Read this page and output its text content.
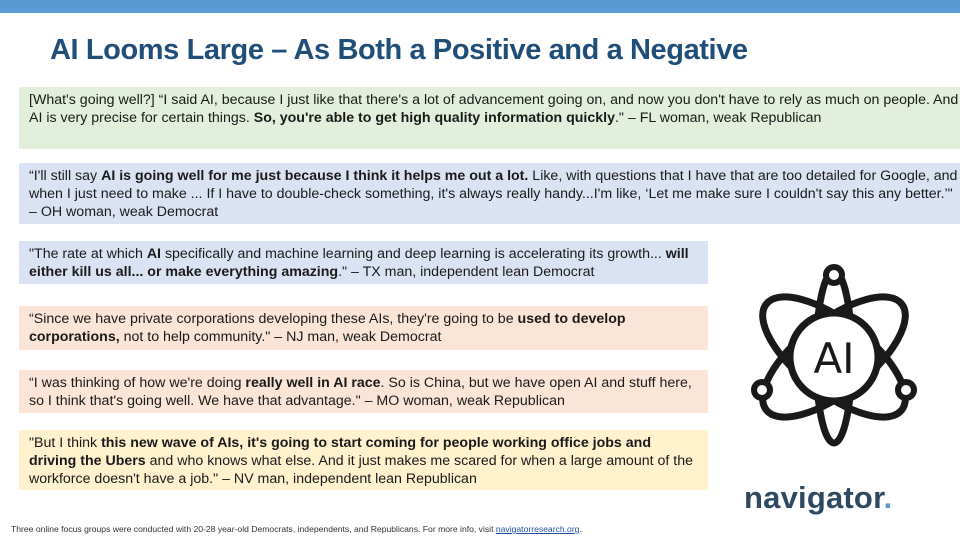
AI Looms Large – As Both a Positive and a Negative
[What's going well?] “I said AI, because I just like that there's a lot of advancement going on, and now you don't have to rely as much on people. And AI is very precise for certain things. So, you're able to get high quality information quickly." – FL woman, weak Republican
“I'll still say AI is going well for me just because I think it helps me out a lot. Like, with questions that I have that are too detailed for Google, and when I just need to make ... If I have to double-check something, it's always really handy...I'm like, ‘Let me make sure I couldn't say this any better.’" – OH woman, weak Democrat
"The rate at which AI specifically and machine learning and deep learning is accelerating its growth... will either kill us all... or make everything amazing." – TX man, independent lean Democrat
“Since we have private corporations developing these AIs, they're going to be used to develop corporations, not to help community." – NJ man, weak Democrat
“I was thinking of how we're doing really well in AI race. So is China, but we have open AI and stuff here, so I think that's going well. We have that advantage." – MO woman, weak Republican
"But I think this new wave of AIs, it's going to start coming for people working office jobs and driving the Ubers and who knows what else. And it just makes me scared for when a large amount of the workforce doesn't have a job." – NV man, independent lean Republican
AI
navigator.
Three online focus groups were conducted with 20-28 year-old Democrats, independents, and Republicans. For more info, visit navigatorresearch.org.
